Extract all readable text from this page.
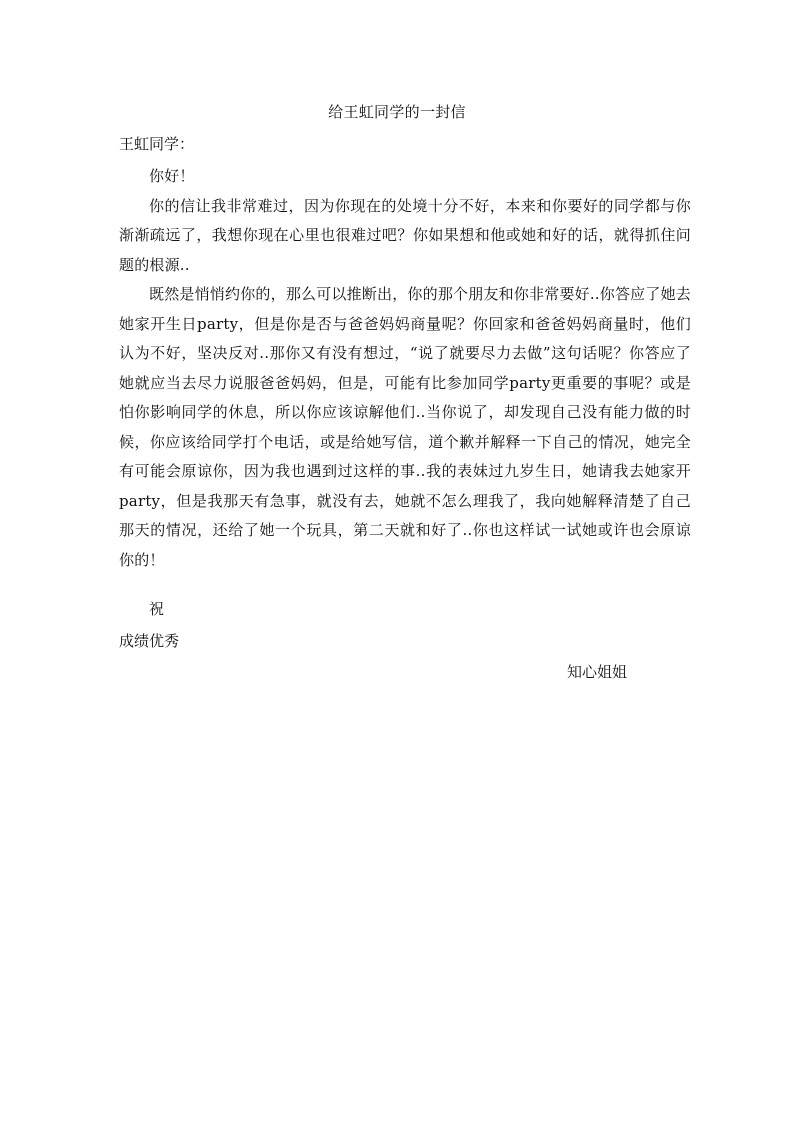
给王虹同学的一封信
王虹同学：

你好！

你的信让我非常难过，因为你现在的处境十分不好，本来和你要好的同学都与你渐渐疏远了，我想你现在心里也很难过吧？你如果想和他或她和好的话，就得抓住问题的根源..

既然是悄悄约你的，那么可以推断出，你的那个朋友和你非常要好..你答应了她去她家开生日party，但是你是否与爸爸妈妈商量呢？你回家和爸爸妈妈商量时，他们认为不好，坚决反对..那你又有没有想过，“说了就要尽力去做”这句话呢？你答应了她就应当去尽力说服爸爸妈妈，但是，可能有比参加同学party更重要的事呢？或是怕你影响同学的休息，所以你应该谅解他们..当你说了，却发现自己没有能力做的时候，你应该给同学打个电话，或是给她写信，道个歉并解释一下自己的情况，她完全有可能会原谅你，因为我也遇到过这样的事..我的表妹过九岁生日，她请我去她家开party，但是我那天有急事，就没有去，她就不怎么理我了，我向她解释清楚了自己那天的情况，还给了她一个玩具，第二天就和好了..你也这样试一试她或许也会原谅你的！

祝
成绩优秀
知心姐姐
